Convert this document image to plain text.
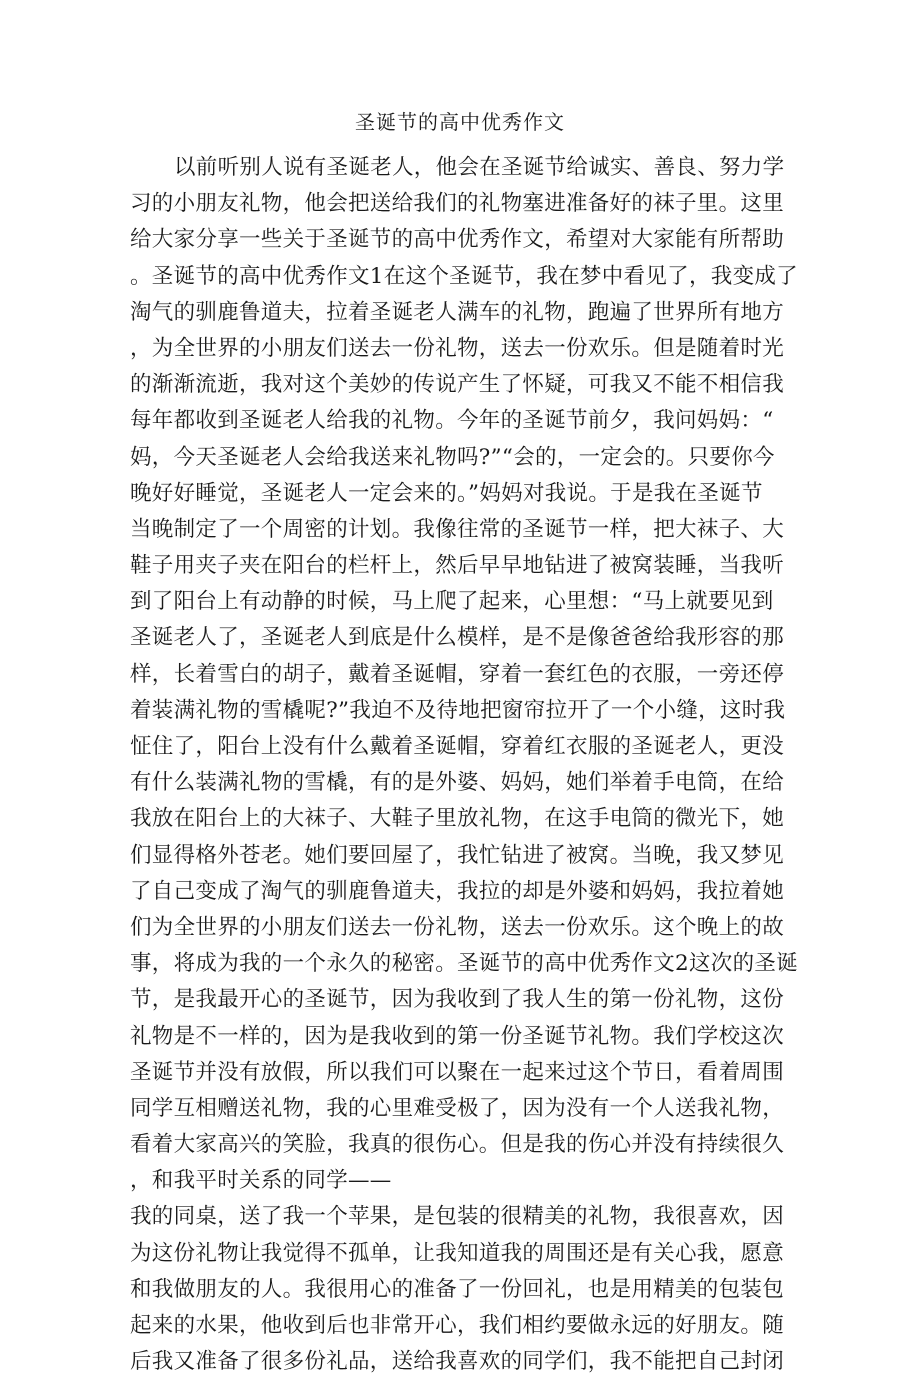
圣诞节的高中优秀作文
以前听别人说有圣诞老人，他会在圣诞节给诚实、善良、努力学
习的小朋友礼物，他会把送给我们的礼物塞进准备好的袜子里。这里
给大家分享一些关于圣诞节的高中优秀作文，希望对大家能有所帮助
。圣诞节的高中优秀作文1在这个圣诞节，我在梦中看见了，我变成了
淘气的驯鹿鲁道夫，拉着圣诞老人满车的礼物，跑遍了世界所有地方
，为全世界的小朋友们送去一份礼物，送去一份欢乐。但是随着时光
的渐渐流逝，我对这个美妙的传说产生了怀疑，可我又不能不相信我
每年都收到圣诞老人给我的礼物。今年的圣诞节前夕，我问妈妈：“
妈，今天圣诞老人会给我送来礼物吗?”“会的，一定会的。只要你今
晚好好睡觉，圣诞老人一定会来的。”妈妈对我说。于是我在圣诞节
当晚制定了一个周密的计划。我像往常的圣诞节一样，把大袜子、大
鞋子用夹子夹在阳台的栏杆上，然后早早地钻进了被窝装睡，当我听
到了阳台上有动静的时候，马上爬了起来，心里想：“马上就要见到
圣诞老人了，圣诞老人到底是什么模样，是不是像爸爸给我形容的那
样，长着雪白的胡子，戴着圣诞帽，穿着一套红色的衣服，一旁还停
着装满礼物的雪橇呢?”我迫不及待地把窗帘拉开了一个小缝，这时我
怔住了，阳台上没有什么戴着圣诞帽，穿着红衣服的圣诞老人，更没
有什么装满礼物的雪橇，有的是外婆、妈妈，她们举着手电筒，在给
我放在阳台上的大袜子、大鞋子里放礼物，在这手电筒的微光下，她
们显得格外苍老。她们要回屋了，我忙钻进了被窝。当晚，我又梦见
了自己变成了淘气的驯鹿鲁道夫，我拉的却是外婆和妈妈，我拉着她
们为全世界的小朋友们送去一份礼物，送去一份欢乐。这个晚上的故
事，将成为我的一个永久的秘密。圣诞节的高中优秀作文2这次的圣诞
节，是我最开心的圣诞节，因为我收到了我人生的第一份礼物，这份
礼物是不一样的，因为是我收到的第一份圣诞节礼物。我们学校这次
圣诞节并没有放假，所以我们可以聚在一起来过这个节日，看着周围
同学互相赠送礼物，我的心里难受极了，因为没有一个人送我礼物，
看着大家高兴的笑脸，我真的很伤心。但是我的伤心并没有持续很久
，和我平时关系的同学——
我的同桌，送了我一个苹果，是包装的很精美的礼物，我很喜欢，因
为这份礼物让我觉得不孤单，让我知道我的周围还是有关心我，愿意
和我做朋友的人。我很用心的准备了一份回礼，也是用精美的包装包
起来的水果，他收到后也非常开心，我们相约要做永远的好朋友。随
后我又准备了很多份礼品，送给我喜欢的同学们，我不能把自己封闭
